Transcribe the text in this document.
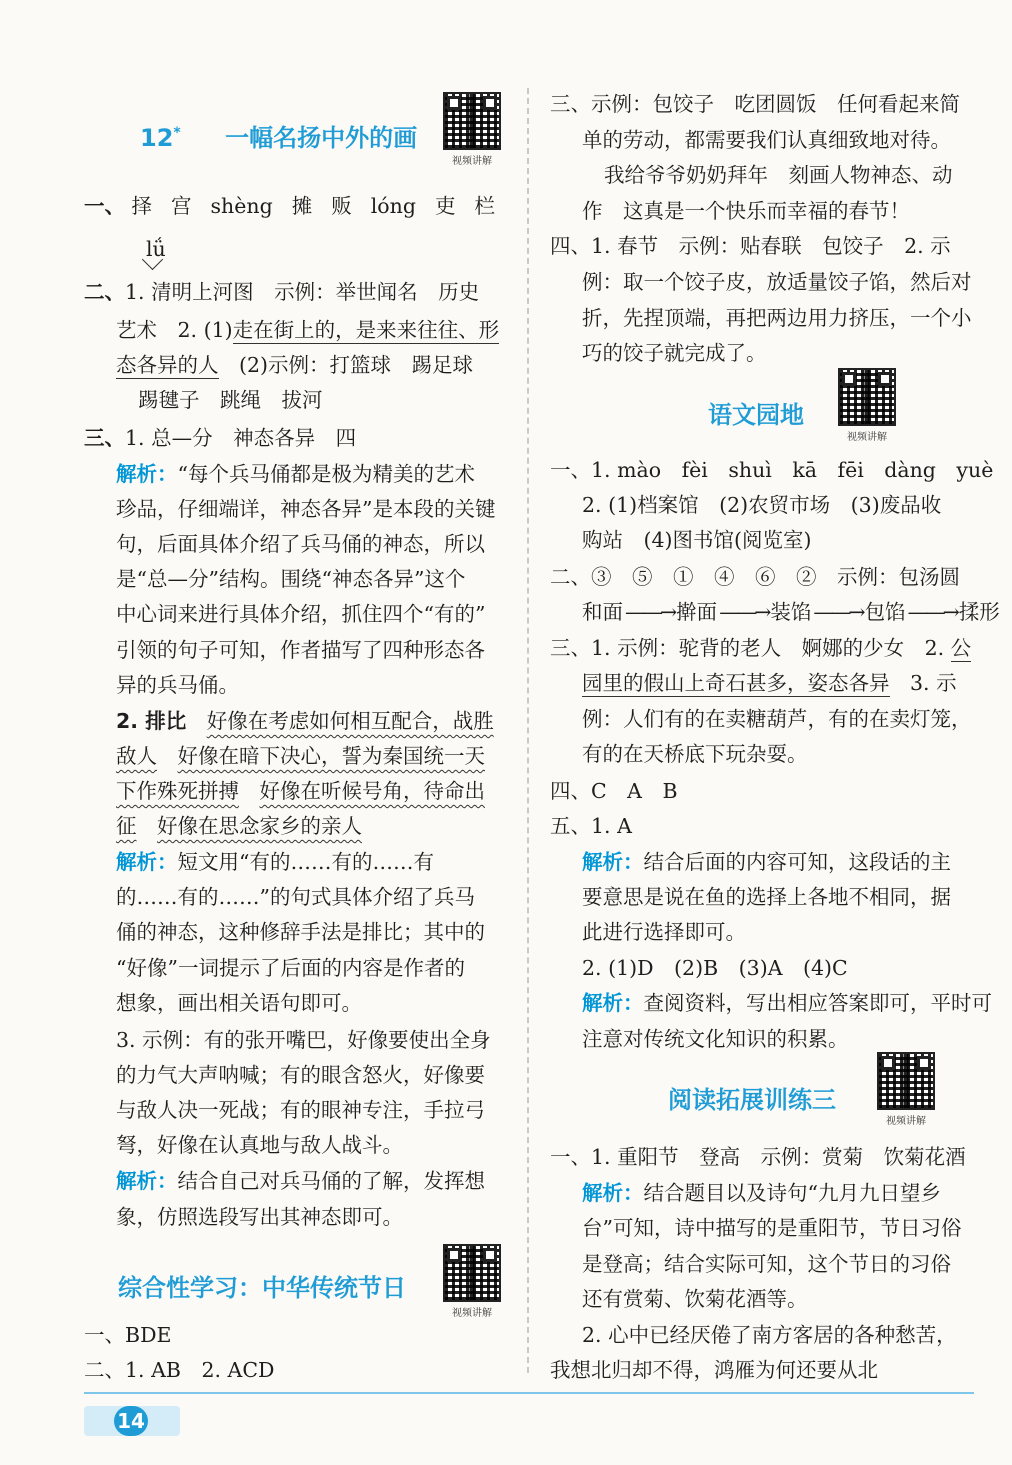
12* 一幅名扬中外的画
视频讲解
一、 择 宫 shèng 摊 贩 lóng 吏 栏
lǘ
二、1. 清明上河图　示例：举世闻名　历史
艺术　2. (1)走在街上的，是来来往往、形
态各异的人　(2)示例：打篮球　踢足球
踢毽子　跳绳　拔河
三、1. 总—分　神态各异　四
解析：“每个兵马俑都是极为精美的艺术
珍品，仔细端详，神态各异”是本段的关键
句，后面具体介绍了兵马俑的神态，所以
是“总—分”结构。围绕“神态各异”这个
中心词来进行具体介绍，抓住四个“有的”
引领的句子可知，作者描写了四种形态各
异的兵马俑。
2. 排比　好像在考虑如何相互配合，战胜
敌人　 好像在暗下决心，誓为秦国统一天
下作殊死拼搏　 好像在听候号角，待命出
征　 好像在思念家乡的亲人
解析：短文用“有的……有的……有
的……有的……”的句式具体介绍了兵马
俑的神态，这种修辞手法是排比；其中的
“好像”一词提示了后面的内容是作者的
想象，画出相关语句即可。
3. 示例：有的张开嘴巴，好像要使出全身
的力气大声呐喊；有的眼含怒火，好像要
与敌人决一死战；有的眼神专注，手拉弓
弩，好像在认真地与敌人战斗。
解析：结合自己对兵马俑的了解，发挥想
象，仿照选段写出其神态即可。
综合性学习：中华传统节日
视频讲解
一、BDE
二、1. AB　2. ACD
三、示例：包饺子　吃团圆饭　任何看起来简
单的劳动，都需要我们认真细致地对待。
我给爷爷奶奶拜年　刻画人物神态、动
作　这真是一个快乐而幸福的春节！
四、1. 春节　示例：贴春联　包饺子　2. 示
例：取一个饺子皮，放适量饺子馅，然后对
折，先捏顶端，再把两边用力挤压，一个小
巧的饺子就完成了。
语文园地
视频讲解
一、1. mào　fèi　shuì　kā　fēi　dàng　yuè
2. (1)档案馆　(2)农贸市场　(3)废品收
购站　(4)图书馆(阅览室)
二、③　⑤　①　④　⑥　②　示例：包汤圆
和面——→擀面——→装馅——→包馅——→揉形
三、1. 示例：驼背的老人　婀娜的少女　2. 公
园里的假山上奇石甚多，姿态各异　3. 示
例：人们有的在卖糖葫芦，有的在卖灯笼，
有的在天桥底下玩杂耍。
四、C　A　B
五、1. A
解析：结合后面的内容可知，这段话的主
要意思是说在鱼的选择上各地不相同，据
此进行选择即可。
2. (1)D　(2)B　(3)A　(4)C
解析：查阅资料，写出相应答案即可，平时可
注意对传统文化知识的积累。
阅读拓展训练三
视频讲解
一、1. 重阳节　登高　示例：赏菊　饮菊花酒
解析：结合题目以及诗句“九月九日望乡
台”可知，诗中描写的是重阳节，节日习俗
是登高；结合实际可知，这个节日的习俗
还有赏菊、饮菊花酒等。
2. 心中已经厌倦了南方客居的各种愁苦，
我想北归却不得，鸿雁为何还要从北
14
